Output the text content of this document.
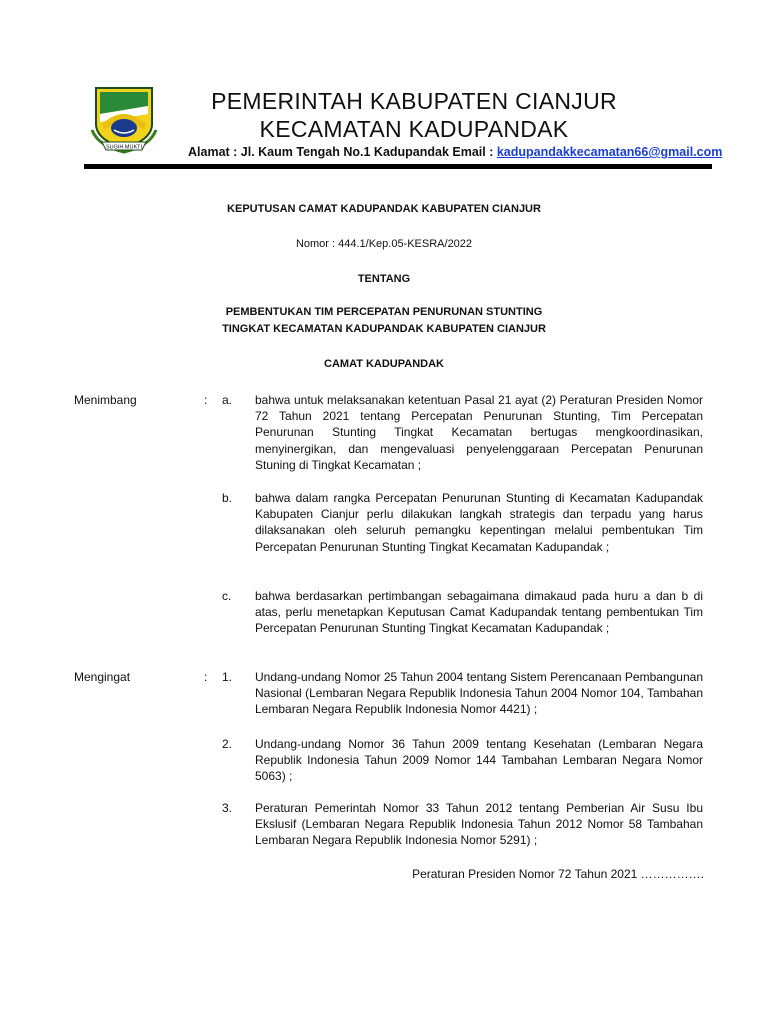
SUGIH MUKTI
PEMERINTAH KABUPATEN CIANJUR
KECAMATAN KADUPANDAK
Alamat : Jl. Kaum Tengah No.1 Kadupandak Email : kadupandakkecamatan66@gmail.com
KEPUTUSAN CAMAT KADUPANDAK KABUPATEN CIANJUR
Nomor : 444.1/Kep.05-KESRA/2022
TENTANG
PEMBENTUKAN TIM PERCEPATAN PENURUNAN STUNTING
TINGKAT KECAMATAN KADUPANDAK KABUPATEN CIANJUR
CAMAT KADUPANDAK
Menimbang	: a. bahwa untuk melaksanakan ketentuan Pasal 21 ayat (2) Peraturan Presiden Nomor 72 Tahun 2021 tentang Percepatan Penurunan Stunting, Tim Percepatan Penurunan Stunting Tingkat Kecamatan bertugas mengkoordinasikan, menyinergikan, dan mengevaluasi penyelenggaraan Percepatan Penurunan Stuning di Tingkat Kecamatan ;
b. bahwa dalam rangka Percepatan Penurunan Stunting di Kecamatan Kadupandak Kabupaten Cianjur perlu dilakukan langkah strategis dan terpadu yang harus dilaksanakan oleh seluruh pemangku kepentingan melalui pembentukan Tim Percepatan Penurunan Stunting Tingkat Kecamatan Kadupandak ;
c. bahwa berdasarkan pertimbangan sebagaimana dimakaud pada huru a dan b di atas, perlu menetapkan Keputusan Camat Kadupandak tentang pembentukan Tim Percepatan Penurunan Stunting Tingkat Kecamatan Kadupandak ;
Mengingat	: 1. Undang-undang Nomor 25 Tahun 2004 tentang Sistem Perencanaan Pembangunan Nasional (Lembaran Negara Republik Indonesia Tahun 2004 Nomor 104, Tambahan Lembaran Negara Republik Indonesia Nomor 4421) ;
2. Undang-undang Nomor 36 Tahun 2009 tentang Kesehatan (Lembaran Negara Republik Indonesia Tahun 2009 Nomor 144 Tambahan Lembaran Negara Nomor 5063) ;
3. Peraturan Pemerintah Nomor 33 Tahun 2012 tentang Pemberian Air Susu Ibu Ekslusif (Lembaran Negara Republik Indonesia Tahun 2012 Nomor 58 Tambahan Lembaran Negara Republik Indonesia Nomor 5291) ;
Peraturan Presiden Nomor 72 Tahun 2021 …………….
